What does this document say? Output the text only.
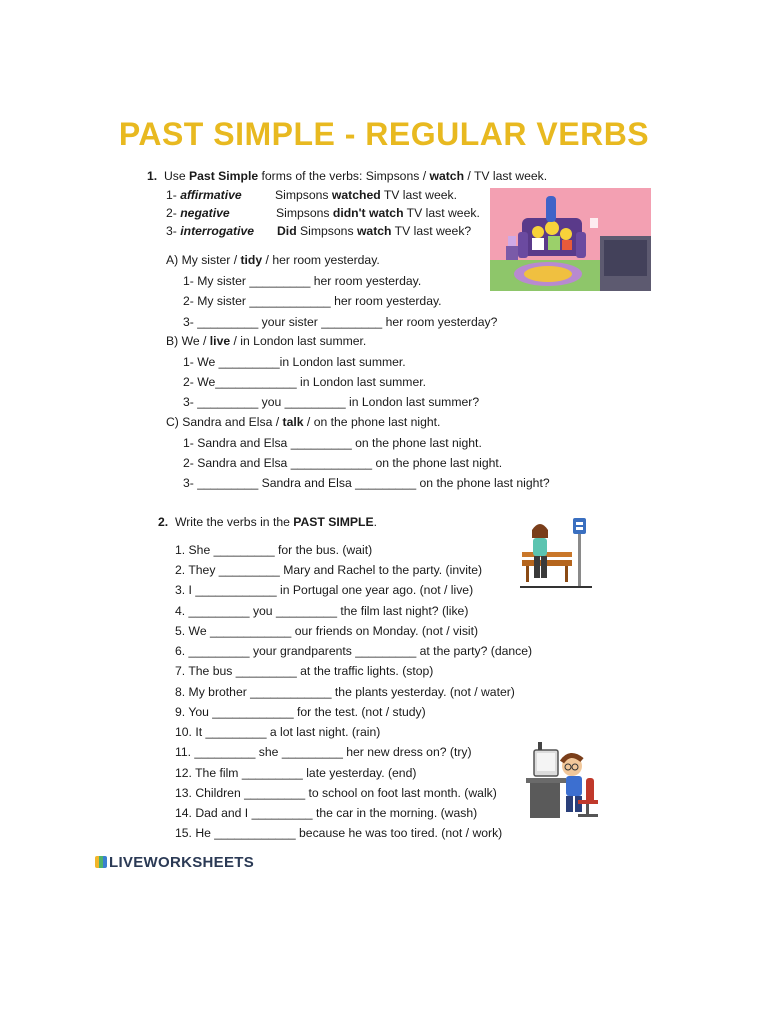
PAST SIMPLE - REGULAR VERBS
1. Use Past Simple forms of the verbs: Simpsons / watch / TV last week.
1- affirmative	Simpsons watched TV last week.
2- negative	Simpsons didn't watch TV last week.
3- interrogative Did Simpsons watch TV last week?
A) My sister / tidy / her room yesterday.
1- My sister _________ her room yesterday.
2- My sister ____________ her room yesterday.
3- _________ your sister _________ her room yesterday?
B) We / live / in London last summer.
1- We _________in London last summer.
2- We____________ in London last summer.
3- _________ you _________ in London last summer?
C) Sandra and Elsa / talk / on the phone last night.
1- Sandra and Elsa _________ on the phone last night.
2- Sandra and Elsa ____________ on the phone last night.
3- _________ Sandra and Elsa _________ on the phone last night?
2. Write the verbs in the PAST SIMPLE.
1. She _________ for the bus. (wait)
2. They _________ Mary and Rachel to the party. (invite)
3. I ____________ in Portugal one year ago. (not / live)
4. _________ you _________ the film last night? (like)
5. We ____________ our friends on Monday. (not / visit)
6. _________ your grandparents _________ at the party? (dance)
7. The bus _________ at the traffic lights. (stop)
8. My brother ____________ the plants yesterday. (not / water)
9. You ____________ for the test. (not / study)
10. It _________ a lot last night. (rain)
11. _________ she _________ her new dress on? (try)
12. The film _________ late yesterday. (end)
13. Children _________ to school on foot last month. (walk)
14. Dad and I _________ the car in the morning. (wash)
15. He ____________ because he was too tired. (not / work)
LIVEWORKSHEETS
